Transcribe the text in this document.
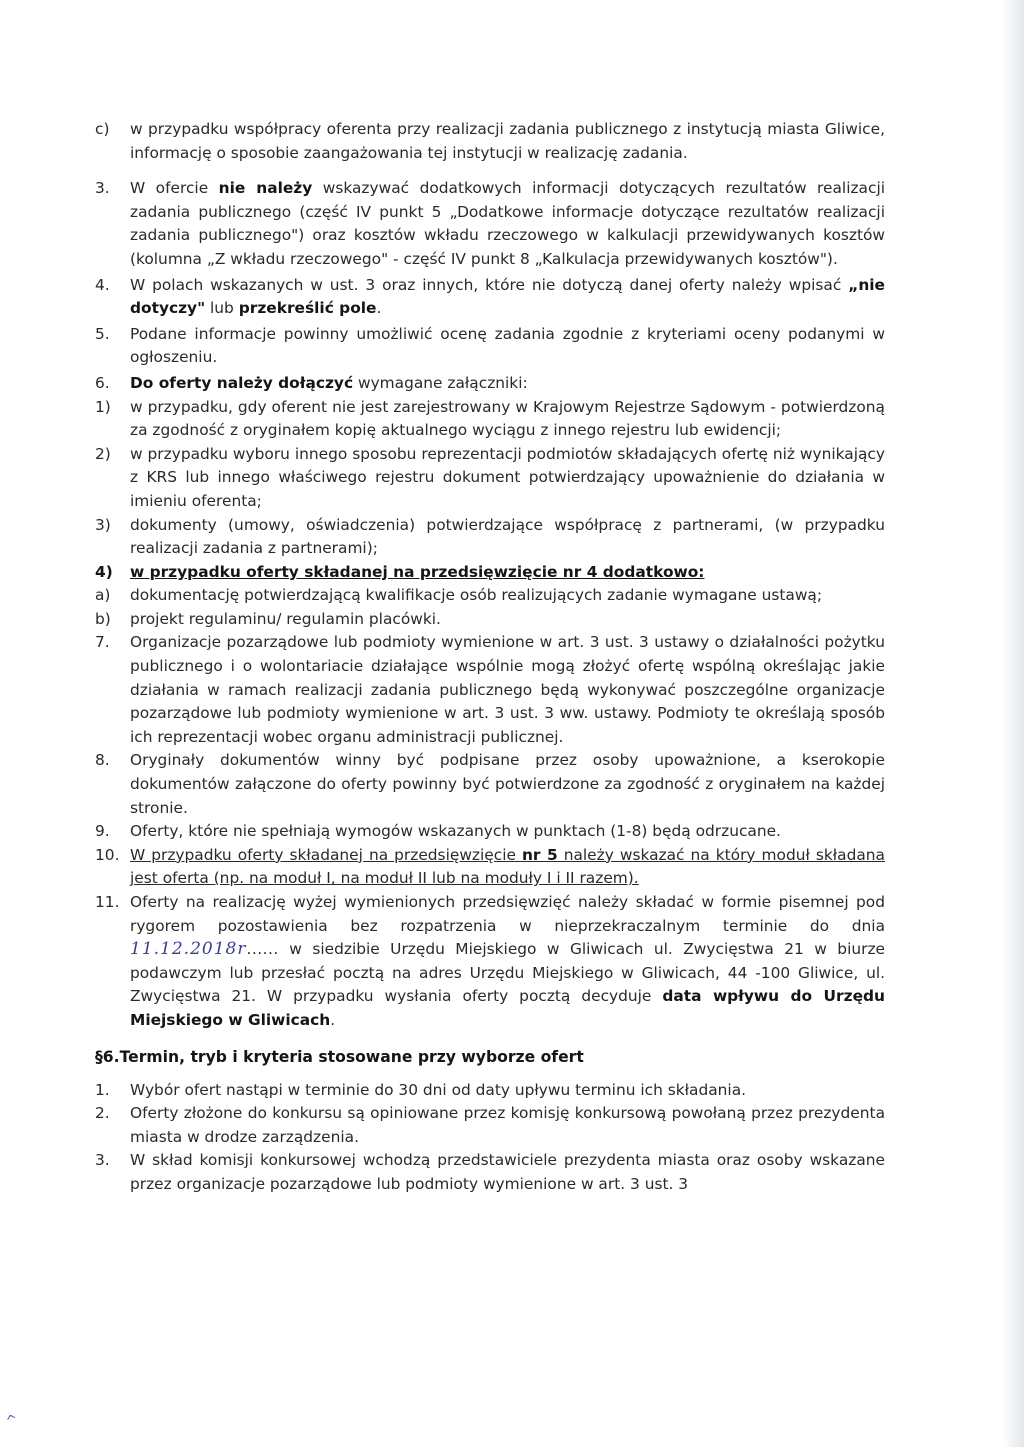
c)	w przypadku współpracy oferenta przy realizacji zadania publicznego z instytucją miasta Gliwice, informację o sposobie zaangażowania tej instytucji w realizację zadania.

3.	W ofercie nie należy wskazywać dodatkowych informacji dotyczących rezultatów realizacji zadania publicznego (część IV punkt 5 „Dodatkowe informacje dotyczące rezultatów realizacji zadania publicznego") oraz kosztów wkładu rzeczowego w kalkulacji przewidywanych kosztów (kolumna „Z wkładu rzeczowego" - część IV punkt 8 „Kalkulacja przewidywanych kosztów").

4.	W polach wskazanych w ust. 3 oraz innych, które nie dotyczą danej oferty należy wpisać „nie dotyczy" lub przekreślić pole.

5.	Podane informacje powinny umożliwić ocenę zadania zgodnie z kryteriami oceny podanymi w ogłoszeniu.

6.	Do oferty należy dołączyć wymagane załączniki:

1)	w przypadku, gdy oferent nie jest zarejestrowany w Krajowym Rejestrze Sądowym - potwierdzoną za zgodność z oryginałem kopię aktualnego wyciągu z innego rejestru lub ewidencji;

2)	w przypadku wyboru innego sposobu reprezentacji podmiotów składających ofertę niż wynikający z KRS lub innego właściwego rejestru dokument potwierdzający upoważnienie do działania w imieniu oferenta;

3)	dokumenty (umowy, oświadczenia) potwierdzające współpracę z partnerami, (w przypadku realizacji zadania z partnerami);

4)	w przypadku oferty składanej na przedsięwzięcie nr 4 dodatkowo:

a)	dokumentację potwierdzającą kwalifikacje osób realizujących zadanie wymagane ustawą;

b)	projekt regulaminu/ regulamin placówki.

7.	Organizacje pozarządowe lub podmioty wymienione w art. 3 ust. 3 ustawy o działalności pożytku publicznego i o wolontariacie działające wspólnie mogą złożyć ofertę wspólną określając jakie działania w ramach realizacji zadania publicznego będą wykonywać poszczególne organizacje pozarządowe lub podmioty wymienione w art. 3 ust. 3 ww. ustawy. Podmioty te określają sposób ich reprezentacji wobec organu administracji publicznej.

8.	Oryginały dokumentów winny być podpisane przez osoby upoważnione, a kserokopie dokumentów załączone do oferty powinny być potwierdzone za zgodność z oryginałem na każdej stronie.

9.	Oferty, które nie spełniają wymogów wskazanych w punktach (1-8) będą odrzucane.

10. W przypadku oferty składanej na przedsięwzięcie nr 5 należy wskazać na który moduł składana jest oferta (np. na moduł I, na moduł II lub na moduły I i II razem).

11. Oferty na realizację wyżej wymienionych przedsięwzięć należy składać w formie pisemnej pod rygorem pozostawienia bez rozpatrzenia w nieprzekraczalnym terminie do dnia 11.12.2018r...... w siedzibie Urzędu Miejskiego w Gliwicach ul. Zwycięstwa 21 w biurze podawczym lub przesłać pocztą na adres Urzędu Miejskiego w Gliwicach, 44 -100 Gliwice, ul. Zwycięstwa 21. W przypadku wysłania oferty pocztą decyduje data wpływu do Urzędu Miejskiego w Gliwicach.

§6.Termin, tryb i kryteria stosowane przy wyborze ofert

1.	Wybór ofert nastąpi w terminie do 30 dni od daty upływu terminu ich składania.

2.	Oferty złożone do konkursu są opiniowane przez komisję konkursową powołaną przez prezydenta miasta w drodze zarządzenia.

3.	W skład komisji konkursowej wchodzą przedstawiciele prezydenta miasta oraz osoby wskazane przez organizacje pozarządowe lub podmioty wymienione w art. 3 ust. 3

^
